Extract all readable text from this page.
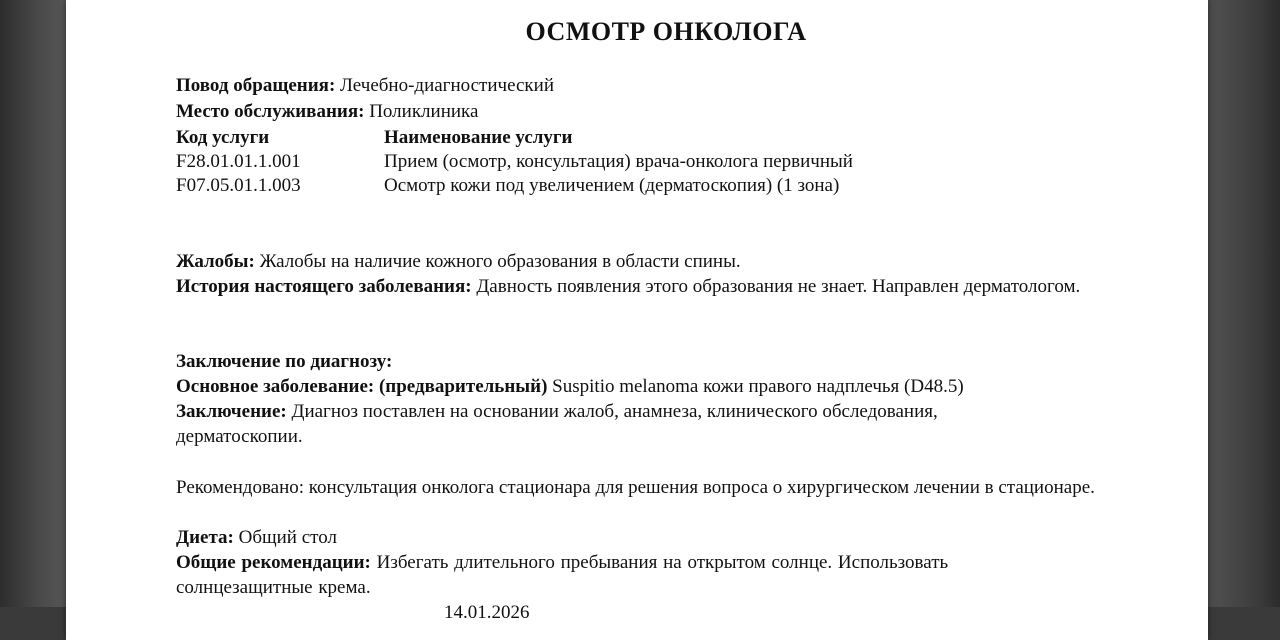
ОСМОТР ОНКОЛОГА
Повод обращения: Лечебно-диагностический
Место обслуживания: Поликлиника
Код услуги	Наименование услуги
F28.01.01.1.001	Прием (осмотр, консультация) врача-онколога первичный
F07.05.01.1.003	Осмотр кожи под увеличением (дерматоскопия) (1 зона)
Жалобы: Жалобы на наличие кожного образования в области спины.
История настоящего заболевания: Давность появления этого образования не знает. Направлен дерматологом.
Заключение по диагнозу:
Основное заболевание: (предварительный) Suspitio melanoma кожи правого надплечья (D48.5)
Заключение: Диагноз поставлен на основании жалоб, анамнеза, клинического обследования, дерматоскопии.
Рекомендовано: консультация онколога стационара для решения вопроса о хирургическом лечении в стационаре.
Диета: Общий стол
Общие рекомендации: Избегать длительного пребывания на открытом солнце. Использовать солнцезащитные крема.
14.01.2026
